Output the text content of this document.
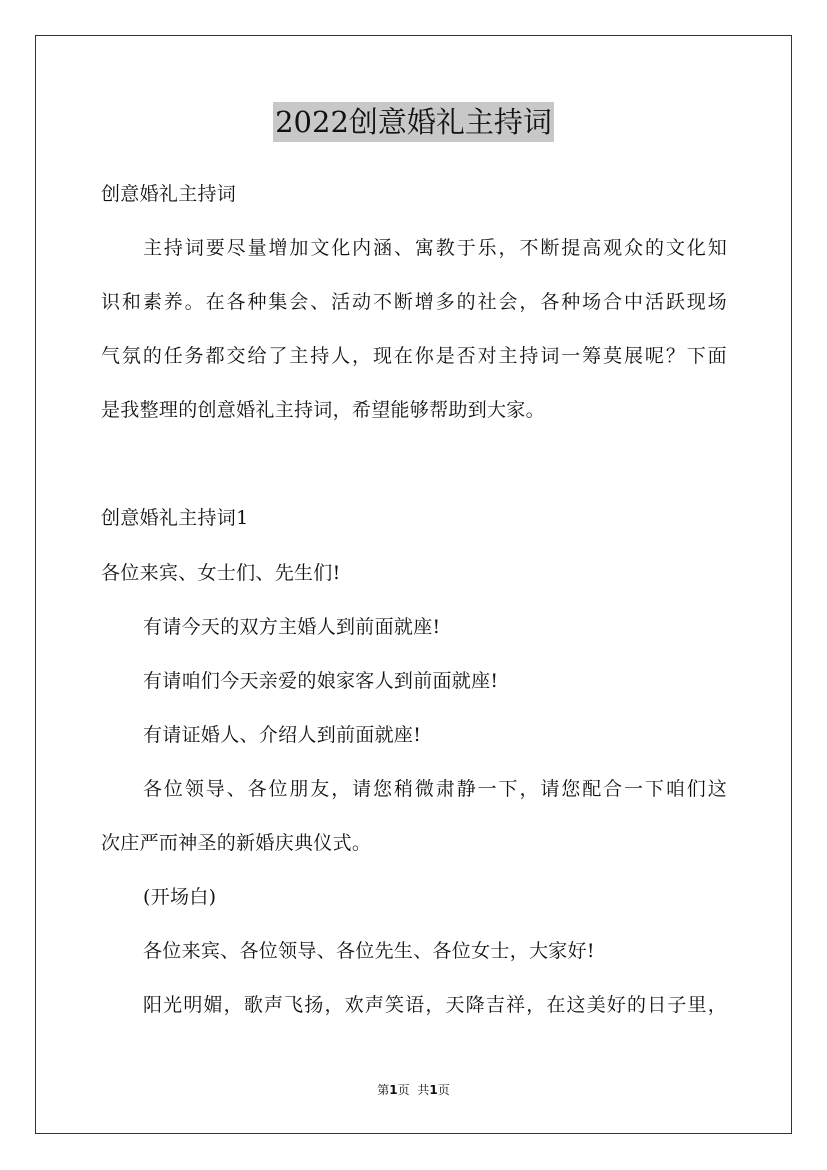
2022创意婚礼主持词
创意婚礼主持词
主持词要尽量增加文化内涵、寓教于乐，不断提高观众的文化知
识和素养。在各种集会、活动不断增多的社会，各种场合中活跃现场
气氛的任务都交给了主持人，现在你是否对主持词一筹莫展呢？下面
是我整理的创意婚礼主持词，希望能够帮助到大家。
创意婚礼主持词1
各位来宾、女士们、先生们!
有请今天的双方主婚人到前面就座!
有请咱们今天亲爱的娘家客人到前面就座!
有请证婚人、介绍人到前面就座!
各位领导、各位朋友，请您稍微肃静一下，请您配合一下咱们这
次庄严而神圣的新婚庆典仪式。
(开场白)
各位来宾、各位领导、各位先生、各位女士，大家好!
阳光明媚，歌声飞扬，欢声笑语，天降吉祥，在这美好的日子里，
第1页 共1页
